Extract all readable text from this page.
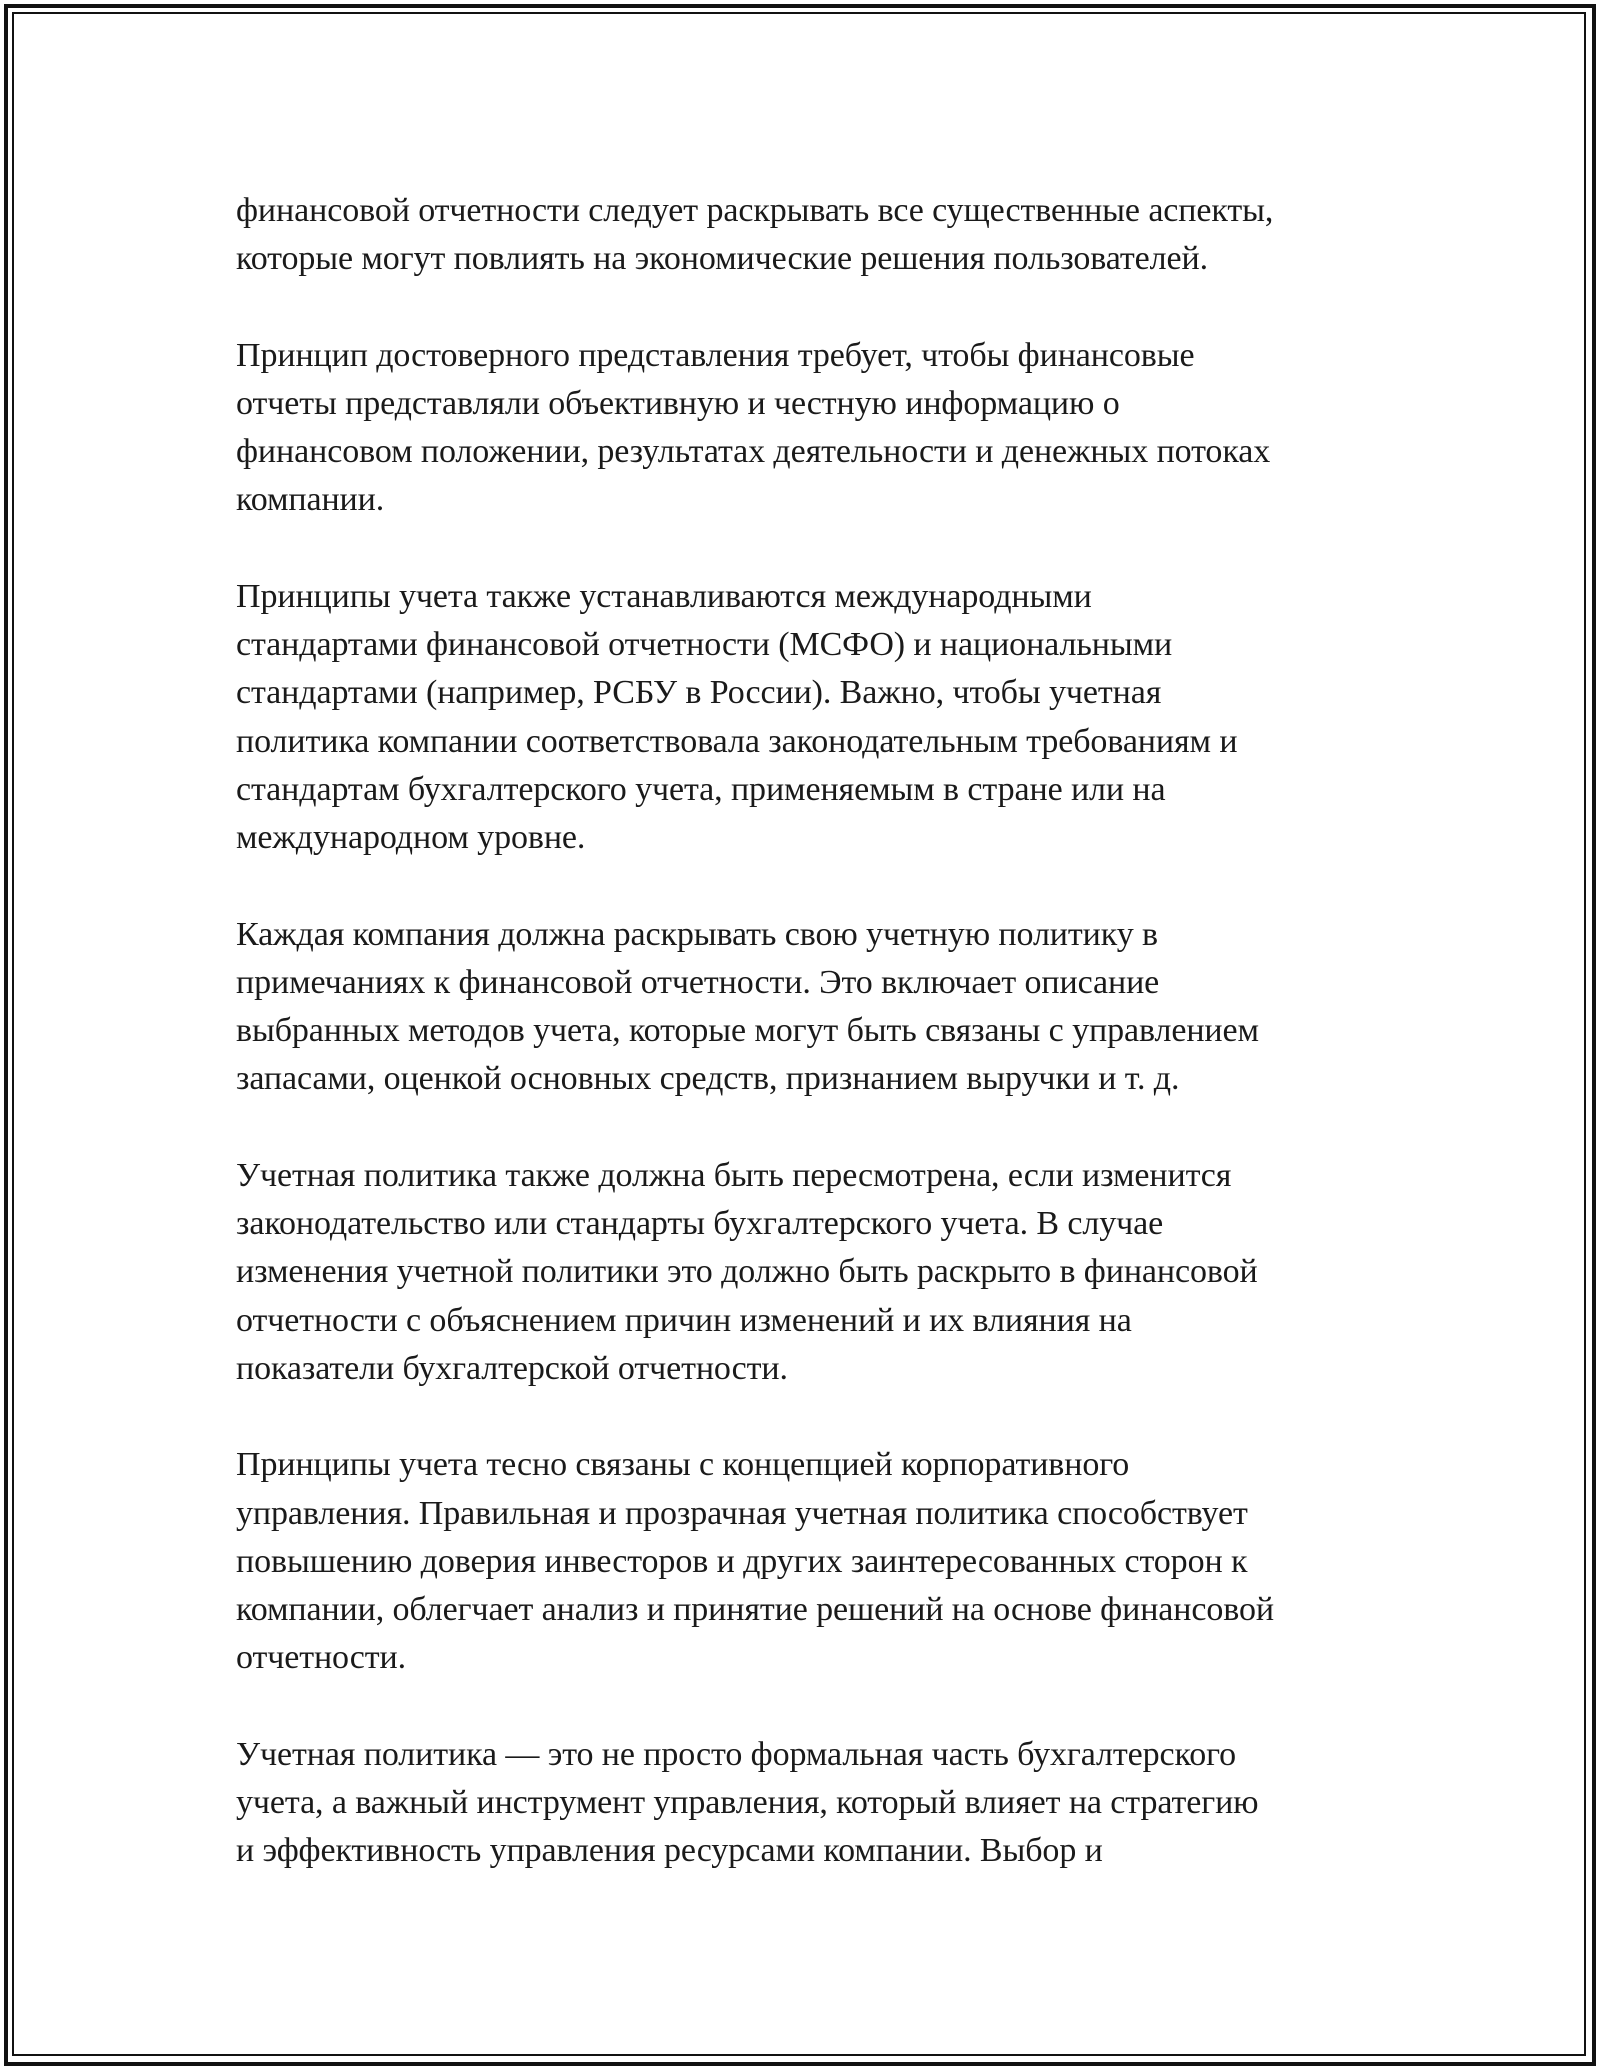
финансовой отчетности следует раскрывать все существенные аспекты,
которые могут повлиять на экономические решения пользователей.

Принцип достоверного представления требует, чтобы финансовые
отчеты представляли объективную и честную информацию о
финансовом положении, результатах деятельности и денежных потоках
компании.

Принципы учета также устанавливаются международными
стандартами финансовой отчетности (МСФО) и национальными
стандартами (например, РСБУ в России). Важно, чтобы учетная
политика компании соответствовала законодательным требованиям и
стандартам бухгалтерского учета, применяемым в стране или на
международном уровне.

Каждая компания должна раскрывать свою учетную политику в
примечаниях к финансовой отчетности. Это включает описание
выбранных методов учета, которые могут быть связаны с управлением
запасами, оценкой основных средств, признанием выручки и т. д.

Учетная политика также должна быть пересмотрена, если изменится
законодательство или стандарты бухгалтерского учета. В случае
изменения учетной политики это должно быть раскрыто в финансовой
отчетности с объяснением причин изменений и их влияния на
показатели бухгалтерской отчетности.

Принципы учета тесно связаны с концепцией корпоративного
управления. Правильная и прозрачная учетная политика способствует
повышению доверия инвесторов и других заинтересованных сторон к
компании, облегчает анализ и принятие решений на основе финансовой
отчетности.

Учетная политика — это не просто формальная часть бухгалтерского
учета, а важный инструмент управления, который влияет на стратегию
и эффективность управления ресурсами компании. Выбор и
